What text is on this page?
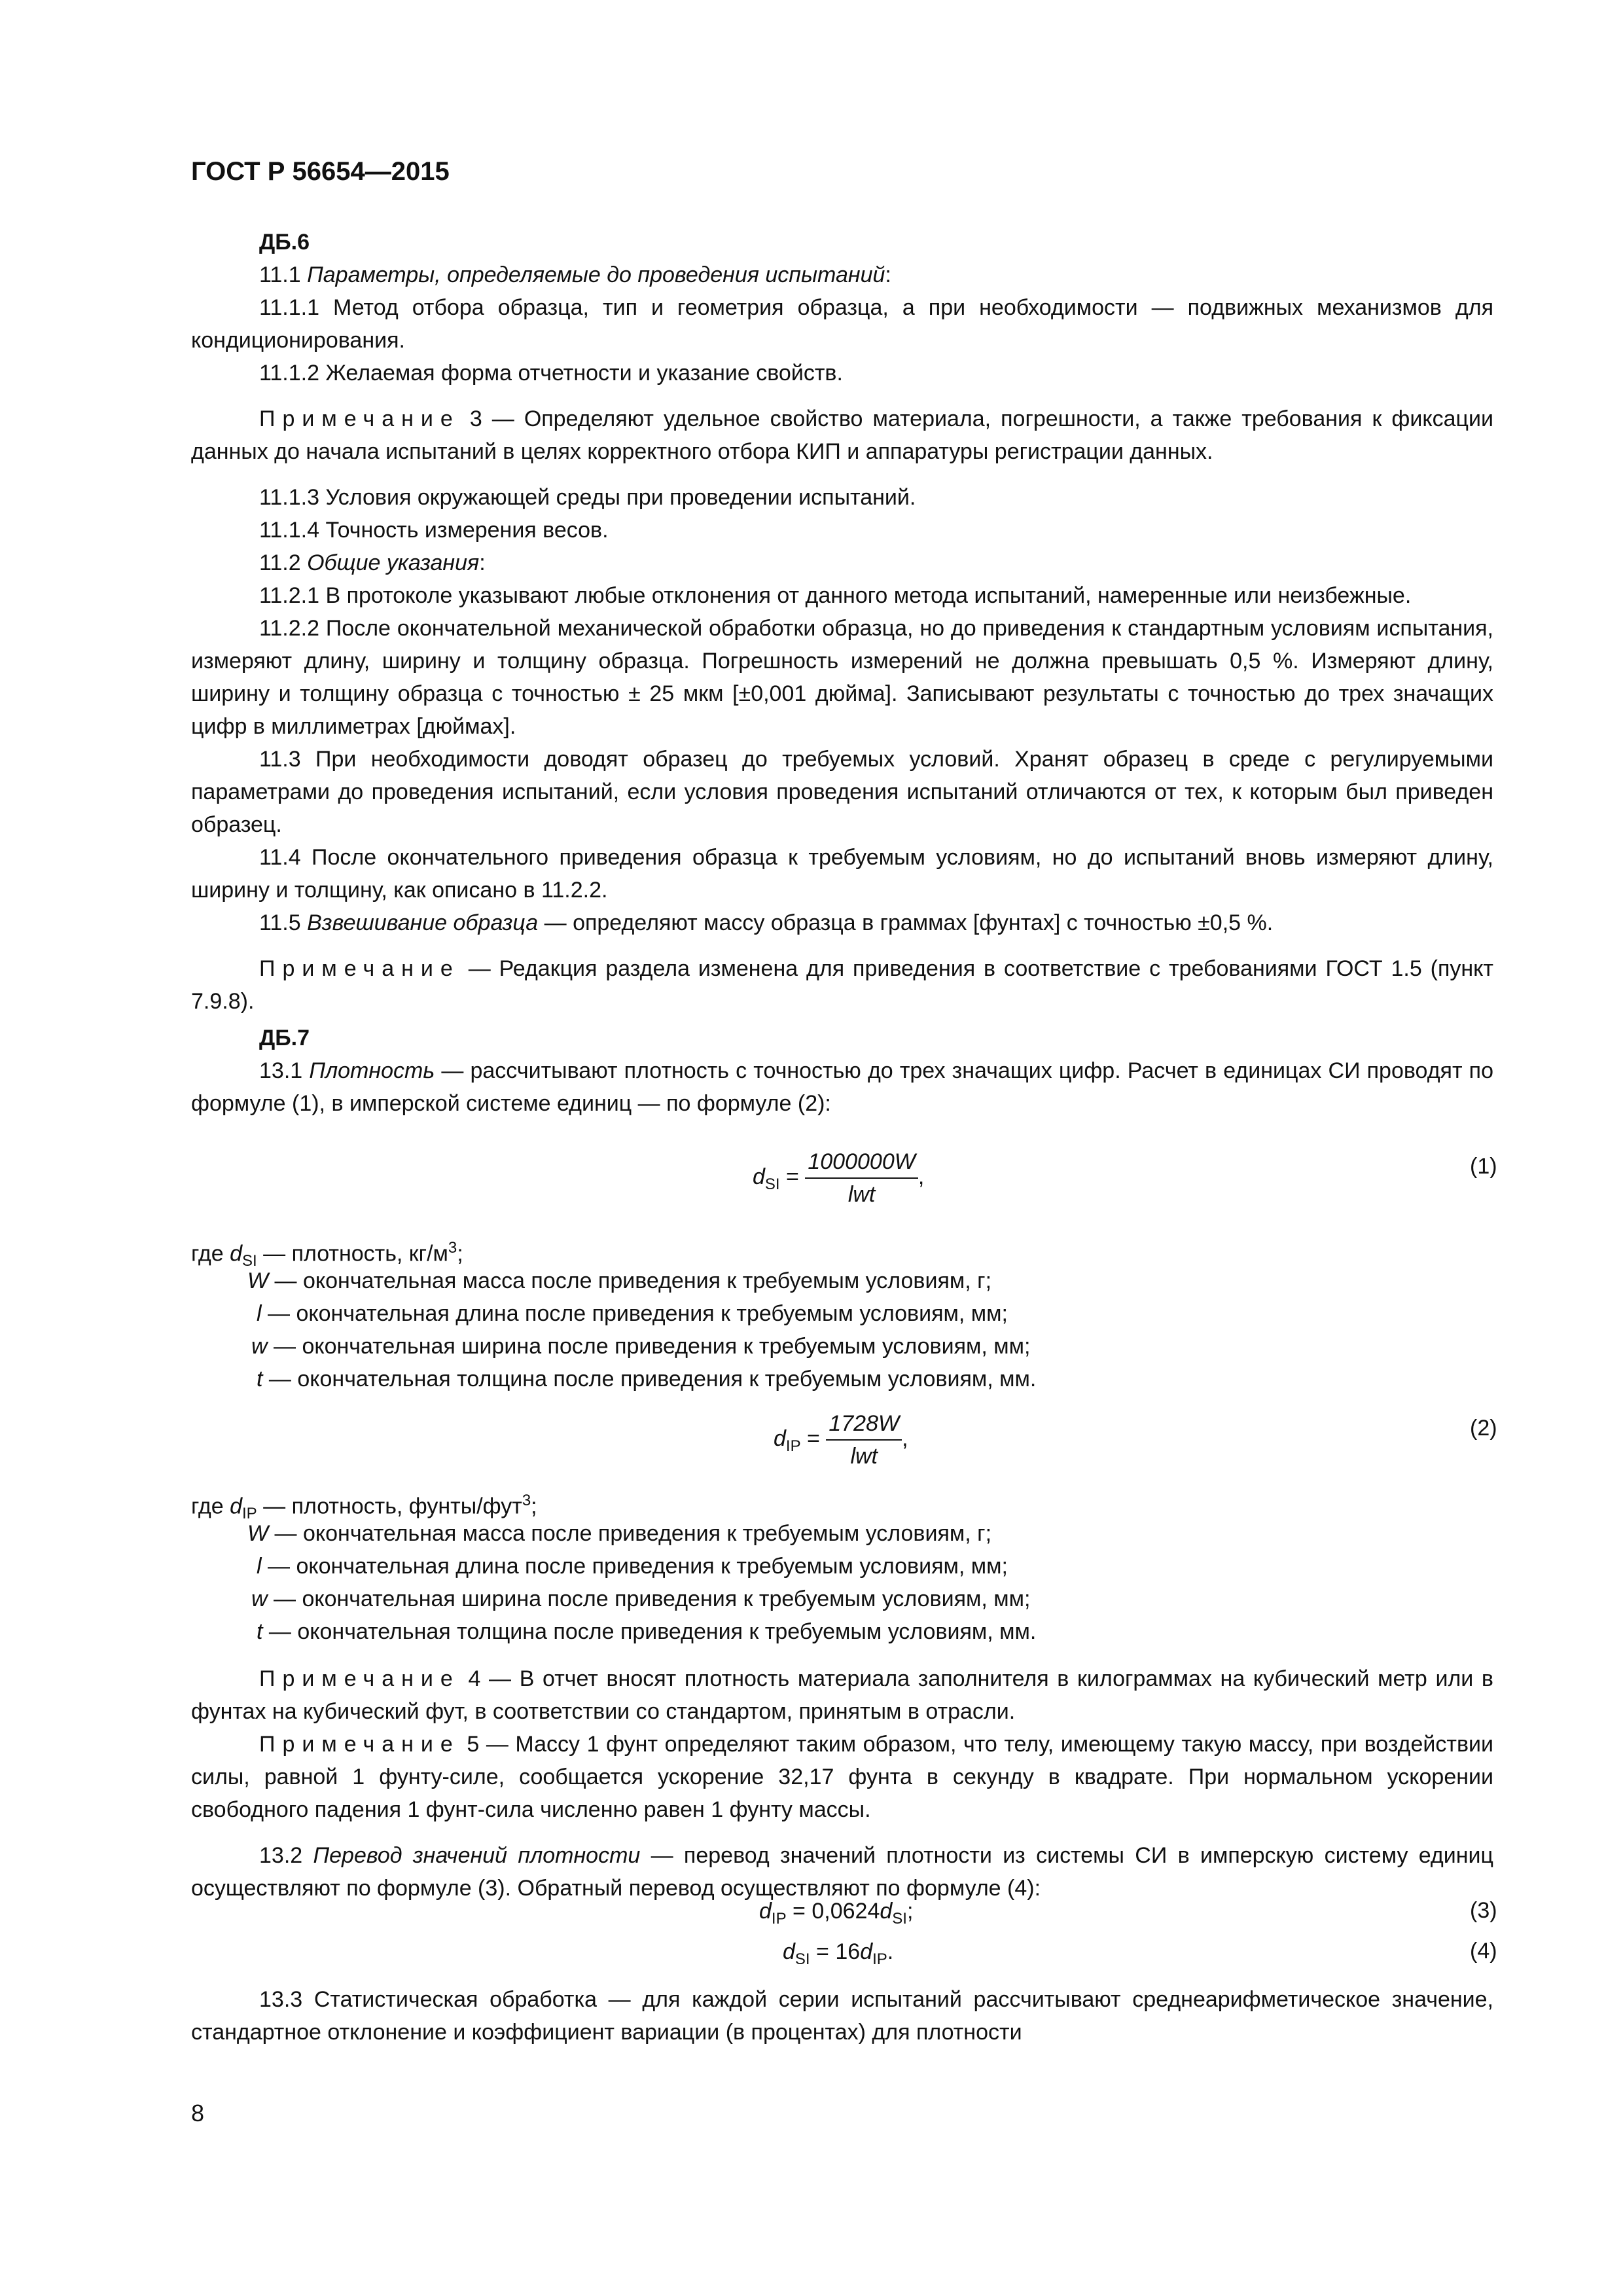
ГОСТ Р 56654—2015
ДБ.6
11.1 Параметры, определяемые до проведения испытаний:
11.1.1 Метод отбора образца, тип и геометрия образца, а при необходимости — подвижных механизмов для кондиционирования.
11.1.2 Желаемая форма отчетности и указание свойств.
Примечание 3 — Определяют удельное свойство материала, погрешности, а также требования к фиксации данных до начала испытаний в целях корректного отбора КИП и аппаратуры регистрации данных.
11.1.3 Условия окружающей среды при проведении испытаний.
11.1.4 Точность измерения весов.
11.2 Общие указания:
11.2.1 В протоколе указывают любые отклонения от данного метода испытаний, намеренные или неизбежные.
11.2.2 После окончательной механической обработки образца, но до приведения к стандартным условиям испытания, измеряют длину, ширину и толщину образца. Погрешность измерений не должна превышать 0,5 %. Измеряют длину, ширину и толщину образца с точностью ± 25 мкм [±0,001 дюйма]. Записывают результаты с точностью до трех значащих цифр в миллиметрах [дюймах].
11.3 При необходимости доводят образец до требуемых условий. Хранят образец в среде с регулируемыми параметрами до проведения испытаний, если условия проведения испытаний отличаются от тех, к которым был приведен образец.
11.4 После окончательного приведения образца к требуемым условиям, но до испытаний вновь измеряют длину, ширину и толщину, как описано в 11.2.2.
11.5 Взвешивание образца — определяют массу образца в граммах [фунтах] с точностью ±0,5 %.
Примечание — Редакция раздела изменена для приведения в соответствие с требованиями ГОСТ 1.5 (пункт 7.9.8).
ДБ.7
13.1 Плотность — рассчитывают плотность с точностью до трех значащих цифр. Расчет в единицах СИ проводят по формуле (1), в имперской системе единиц — по формуле (2):
$d_{SI} = \frac{1000000W}{\text{lwt}}$ ,	(1)
где $d_{SI}$ — плотность, $кг/м^3$;
W — окончательная масса после приведения к требуемым условиям, г;
l — окончательная длина после приведения к требуемым условиям, мм;
w — окончательная ширина после приведения к требуемым условиям, мм;
t — окончательная толщина после приведения к требуемым условиям, мм.
$d_{IP} = \frac{1728W}{\text{lwt}}$ ,	(2)
где $d_{IP}$ — плотность, фунты/фут$^3$;
W — окончательная масса после приведения к требуемым условиям, г;
l — окончательная длина после приведения к требуемым условиям, мм;
w — окончательная ширина после приведения к требуемым условиям, мм;
t — окончательная толщина после приведения к требуемым условиям, мм.
Примечание 4 — В отчет вносят плотность материала заполнителя в килограммах на кубический метр или в фунтах на кубический фут, в соответствии со стандартом, принятым в отрасли.
Примечание 5 — Массу 1 фунт определяют таким образом, что телу, имеющему такую массу, при воздействии силы, равной 1 фунту-силе, сообщается ускорение 32,17 фунта в секунду в квадрате. При нормальном ускорении свободного падения 1 фунт-сила численно равен 1 фунту массы.
13.2 Перевод значений плотности — перевод значений плотности из системы СИ в имперскую систему единиц осуществляют по формуле (3). Обратный перевод осуществляют по формуле (4):
$d_{IP} = 0,0624d_{SI}$;	(3)
$d_{SI} = 16d_{IP}$.	(4)
13.3 Статистическая обработка — для каждой серии испытаний рассчитывают среднеарифметическое значение, стандартное отклонение и коэффициент вариации (в процентах) для плотности
8
